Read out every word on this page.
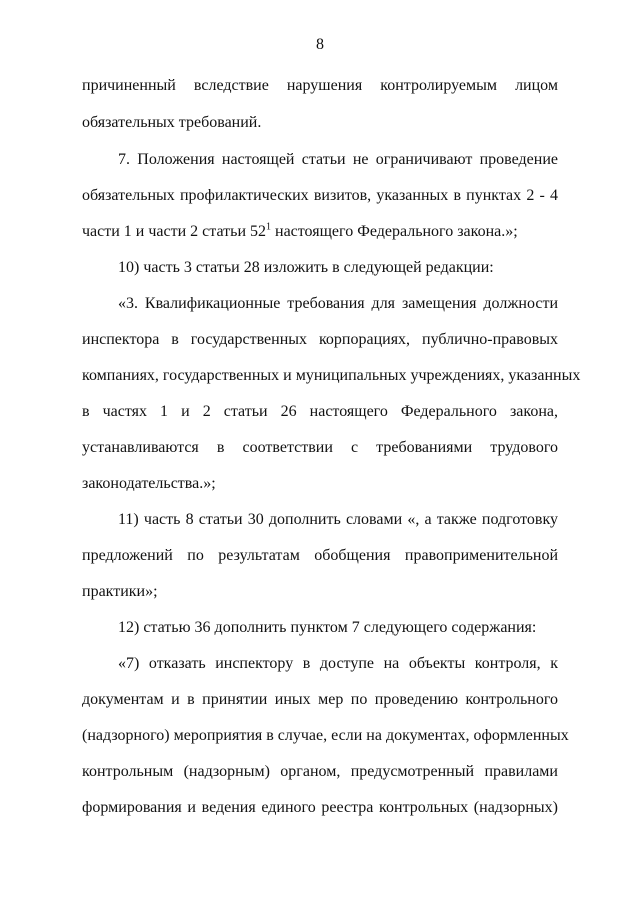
8
причиненный вследствие нарушения контролируемым лицом
обязательных требований.
7. Положения настоящей статьи не ограничивают проведение
обязательных профилактических визитов, указанных в пунктах 2 - 4
части 1 и части 2 статьи $52^1$ настоящего Федерального закона.»;
10) часть 3 статьи 28 изложить в следующей редакции:
«3. Квалификационные требования для замещения должности
инспектора в государственных корпорациях, публично-правовых
компаниях, государственных и муниципальных учреждениях, указанных
в частях 1 и 2 статьи 26 настоящего Федерального закона,
устанавливаются в соответствии с требованиями трудового
законодательства.»;
11) часть 8 статьи 30 дополнить словами «, а также подготовку
предложений по результатам обобщения правоприменительной
практики»;
12) статью 36 дополнить пунктом 7 следующего содержания:
«7) отказать инспектору в доступе на объекты контроля, к
документам и в принятии иных мер по проведению контрольного
(надзорного) мероприятия в случае, если на документах, оформленных
контрольным (надзорным) органом, предусмотренный правилами
формирования и ведения единого реестра контрольных (надзорных)
